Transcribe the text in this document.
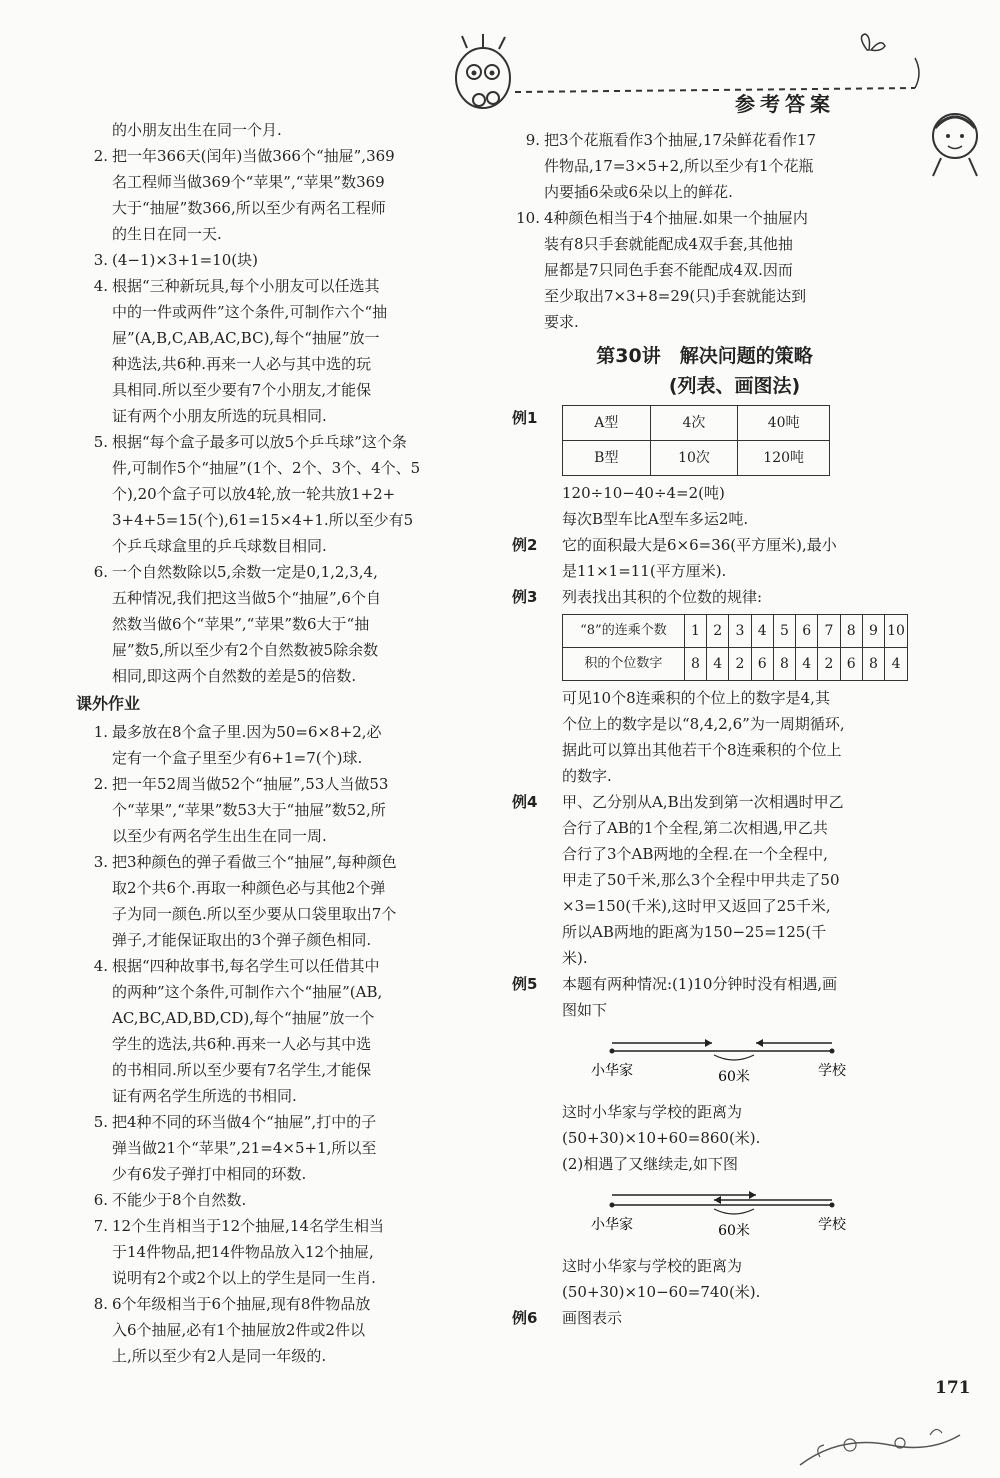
参考答案

的小朋友出生在同一个月.

2. 把一年366天(闰年)当做366个“抽屉”,369
名工程师当做369个“苹果”,“苹果”数369
大于“抽屉”数366,所以至少有两名工程师
的生日在同一天.
3. (4−1)×3+1=10(块)
4. 根据“三种新玩具,每个小朋友可以任选其
中的一件或两件”这个条件,可制作六个“抽
屉”(A,B,C,AB,AC,BC),每个“抽屉”放一
种选法,共6种.再来一人必与其中选的玩
具相同.所以至少要有7个小朋友,才能保
证有两个小朋友所选的玩具相同.
5. 根据“每个盒子最多可以放5个乒乓球”这个条
件,可制作5个“抽屉”(1个、2个、3个、4个、5
个),20个盒子可以放4轮,放一轮共放1+2+
3+4+5=15(个),61=15×4+1.所以至少有5
个乒乓球盒里的乒乓球数目相同.
6. 一个自然数除以5,余数一定是0,1,2,3,4,
五种情况,我们把这当做5个“抽屉”,6个自
然数当做6个“苹果”,“苹果”数6大于“抽
屉”数5,所以至少有2个自然数被5除余数
相同,即这两个自然数的差是5的倍数.
课外作业
1. 最多放在8个盒子里.因为50=6×8+2,必
定有一个盒子里至少有6+1=7(个)球.
2. 把一年52周当做52个“抽屉”,53人当做53
个“苹果”,“苹果”数53大于“抽屉”数52,所
以至少有两名学生出生在同一周.
3. 把3种颜色的弹子看做三个“抽屉”,每种颜色
取2个共6个.再取一种颜色必与其他2个弹
子为同一颜色.所以至少要从口袋里取出7个
弹子,才能保证取出的3个弹子颜色相同.
4. 根据“四种故事书,每名学生可以任借其中
的两种”这个条件,可制作六个“抽屉”(AB,
AC,BC,AD,BD,CD),每个“抽屉”放一个
学生的选法,共6种.再来一人必与其中选
的书相同.所以至少要有7名学生,才能保
证有两名学生所选的书相同.
5. 把4种不同的环当做4个“抽屉”,打中的子
弹当做21个“苹果”,21=4×5+1,所以至
少有6发子弹打中相同的环数.
6. 不能少于8个自然数.
7. 12个生肖相当于12个抽屉,14名学生相当
于14件物品,把14件物品放入12个抽屉,
说明有2个或2个以上的学生是同一生肖.
8. 6个年级相当于6个抽屉,现有8件物品放
入6个抽屉,必有1个抽屉放2件或2件以
上,所以至少有2人是同一年级的.
9. 把3个花瓶看作3个抽屉,17朵鲜花看作17
件物品,17=3×5+2,所以至少有1个花瓶
内要插6朵或6朵以上的鲜花.
10. 4种颜色相当于4个抽屉.如果一个抽屉内
装有8只手套就能配成4双手套,其他抽
屉都是7只同色手套不能配成4双.因而
至少取出7×3+8=29(只)手套就能达到
要求.
第30讲　解决问题的策略
(列表、画图法)
例1	A型	4次	40吨
B型	10次	120吨
120÷10−40÷4=2(吨)
每次B型车比A型车多运2吨.
例2 它的面积最大是6×6=36(平方厘米),最小
是11×1=11(平方厘米).
例3 列表找出其积的个位数的规律:
“8”的连乘个数	1	2	3	4	5	6	7	8	9	10
积的个位数字	8	4	2	6	8	4	2	6	8	4
可见10个8连乘积的个位上的数字是4,其
个位上的数字是以“8,4,2,6”为一周期循环,
据此可以算出其他若干个8连乘积的个位上
的数字.
例4 甲、乙分别从A,B出发到第一次相遇时甲乙
合行了AB的1个全程,第二次相遇,甲乙共
合行了3个AB两地的全程.在一个全程中,
甲走了50千米,那么3个全程中甲共走了50
×3=150(千米),这时甲又返回了25千米,
所以AB两地的距离为150−25=125(千
米).
例5 本题有两种情况:(1)10分钟时没有相遇,画
图如下
小华家	60米	学校
这时小华家与学校的距离为
(50+30)×10+60=860(米).
(2)相遇了又继续走,如下图
小华家	60米	学校
这时小华家与学校的距离为
(50+30)×10−60=740(米).
例6 画图表示
171
